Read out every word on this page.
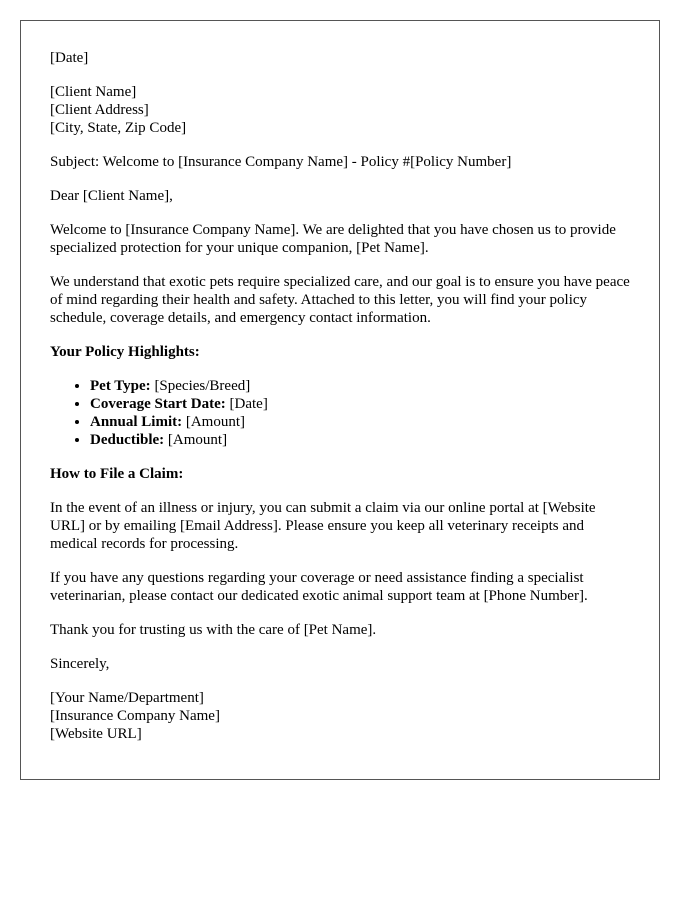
[Date]

[Client Name]
[Client Address]
[City, State, Zip Code]

Subject: Welcome to [Insurance Company Name] - Policy #[Policy Number]

Dear [Client Name],

Welcome to [Insurance Company Name]. We are delighted that you have chosen us to provide specialized protection for your unique companion, [Pet Name].

We understand that exotic pets require specialized care, and our goal is to ensure you have peace of mind regarding their health and safety. Attached to this letter, you will find your policy schedule, coverage details, and emergency contact information.

Your Policy Highlights:

• Pet Type: [Species/Breed]
• Coverage Start Date: [Date]
• Annual Limit: [Amount]
• Deductible: [Amount]

How to File a Claim:

In the event of an illness or injury, you can submit a claim via our online portal at [Website URL] or by emailing [Email Address]. Please ensure you keep all veterinary receipts and medical records for processing.

If you have any questions regarding your coverage or need assistance finding a specialist veterinarian, please contact our dedicated exotic animal support team at [Phone Number].

Thank you for trusting us with the care of [Pet Name].

Sincerely,

[Your Name/Department]
[Insurance Company Name]
[Website URL]
